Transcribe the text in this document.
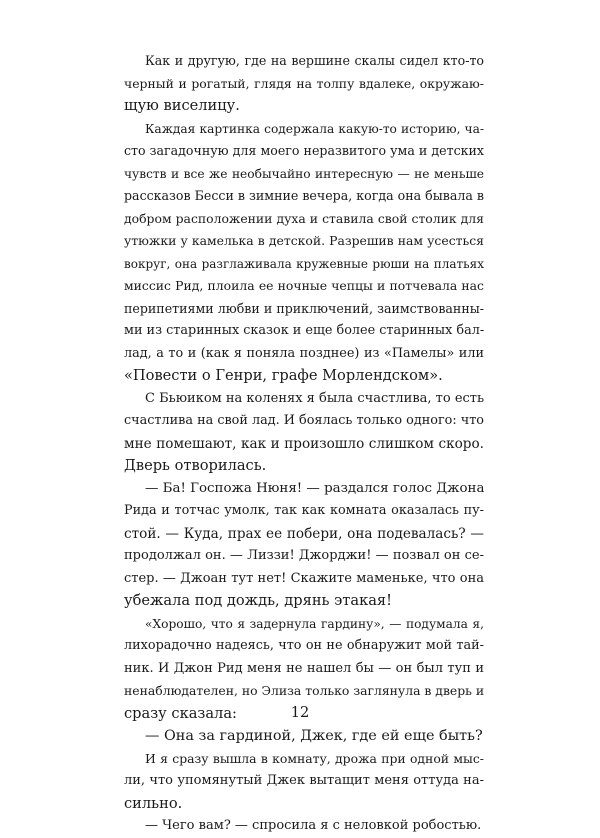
Как и другую, где на вершине скалы сидел кто-то
черный и рогатый, глядя на толпу вдалеке, окружаю-
щую виселицу.
Каждая картинка содержала какую-то историю, ча-
сто загадочную для моего неразвитого ума и детских
чувств и все же необычайно интересную — не меньше
рассказов Бесси в зимние вечера, когда она бывала в
добром расположении духа и ставила свой столик для
утюжки у камелька в детской. Разрешив нам усесться
вокруг, она разглаживала кружевные рюши на платьях
миссис Рид, плоила ее ночные чепцы и потчевала нас
перипетиями любви и приключений, заимствованны-
ми из старинных сказок и еще более старинных бал-
лад, а то и (как я поняла позднее) из «Памелы» или
«Повести о Генри, графе Морлендском».
С Бьюиком на коленях я была счастлива, то есть
счастлива на свой лад. И боялась только одного: что
мне помешают, как и произошло слишком скоро.
Дверь отворилась.
— Ба! Госпожа Нюня! — раздался голос Джона
Рида и тотчас умолк, так как комната оказалась пу-
стой. — Куда, прах ее побери, она подевалась? —
продолжал он. — Лиззи! Джорджи! — позвал он се-
стер. — Джоан тут нет! Скажите маменьке, что она
убежала под дождь, дрянь этакая!
«Хорошо, что я задернула гардину», — подумала я,
лихорадочно надеясь, что он не обнаружит мой тай-
ник. И Джон Рид меня не нашел бы — он был туп и
ненаблюдателен, но Элиза только заглянула в дверь и
сразу сказала:
— Она за гардиной, Джек, где ей еще быть?
И я сразу вышла в комнату, дрожа при одной мыс-
ли, что упомянутый Джек вытащит меня оттуда на-
сильно.
— Чего вам? — спросила я с неловкой робостью.
12
